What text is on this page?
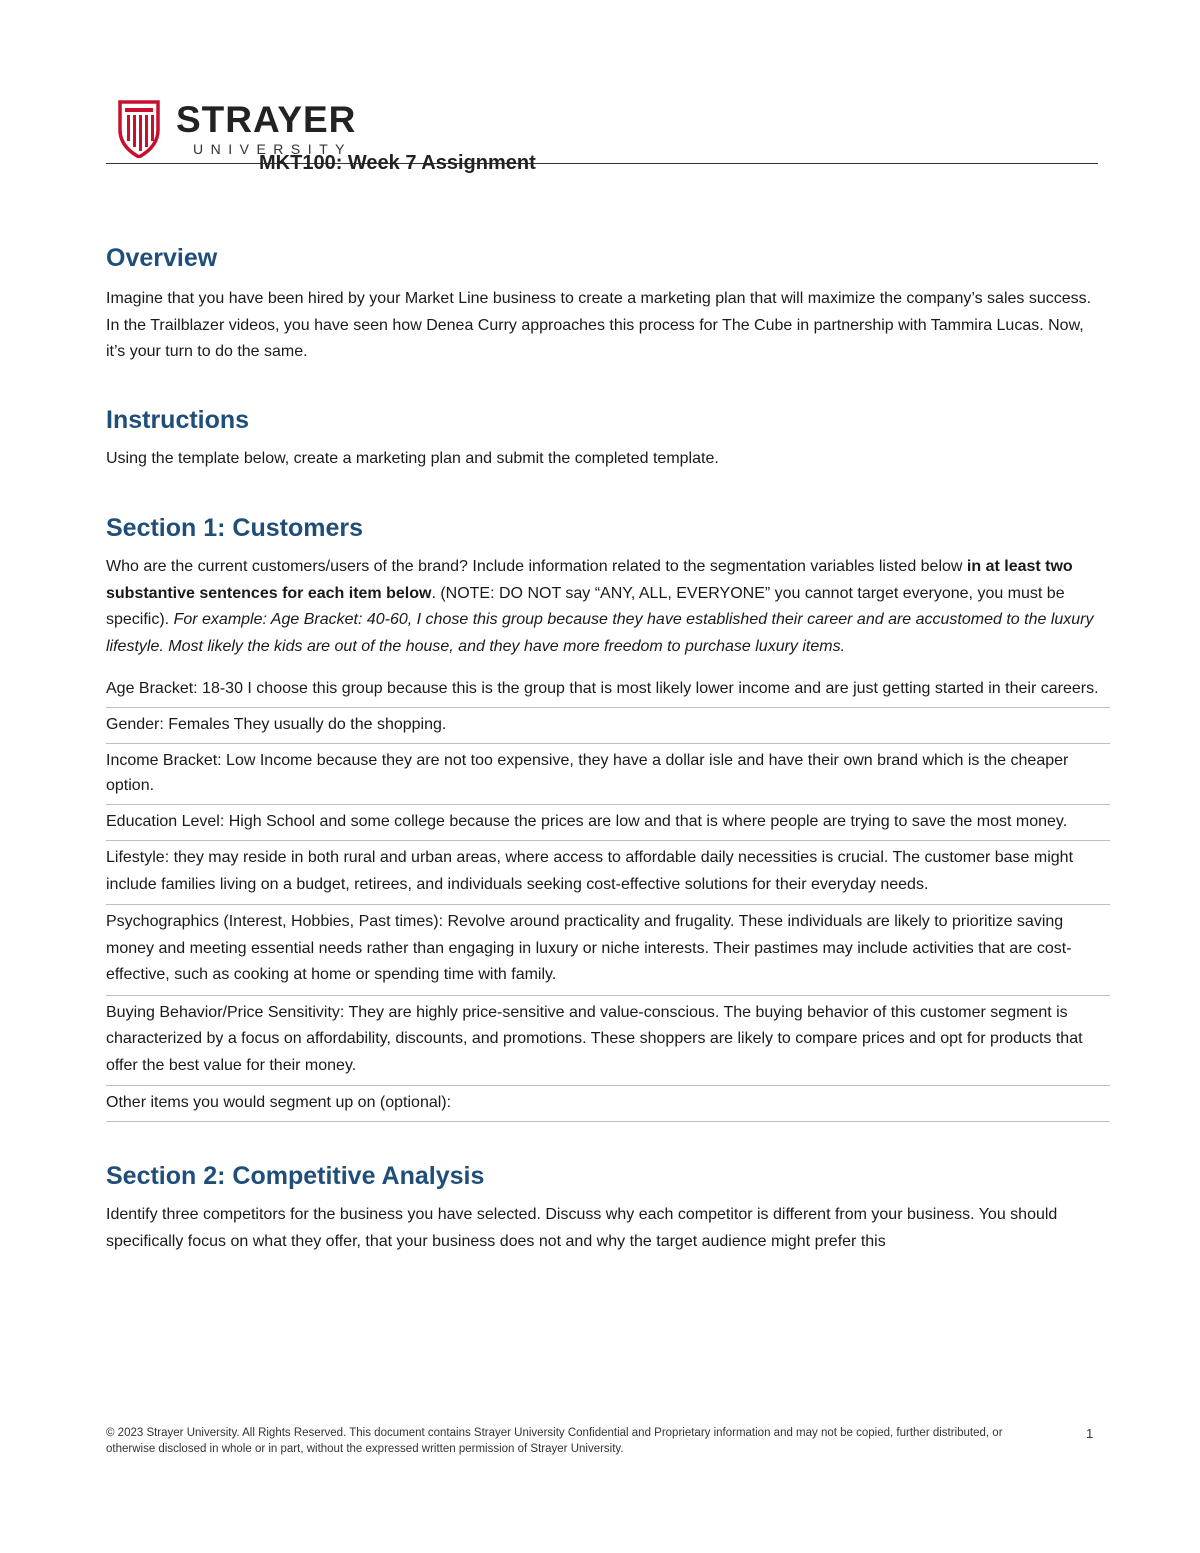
STRAYER
UNIVERSITY
MKT100: Week 7 Assignment
Overview

Imagine that you have been hired by your Market Line business to create a marketing plan that will maximize the company’s sales success. In the Trailblazer videos, you have seen how Denea Curry approaches this process for The Cube in partnership with Tammira Lucas. Now, it’s your turn to do the same.

Instructions

Using the template below, create a marketing plan and submit the completed template.

Section 1: Customers

Who are the current customers/users of the brand? Include information related to the segmentation variables listed below in at least two substantive sentences for each item below. (NOTE: DO NOT say “ANY, ALL, EVERYONE” you cannot target everyone, you must be specific). For example: Age Bracket: 40-60, I chose this group because they have established their career and are accustomed to the luxury lifestyle. Most likely the kids are out of the house, and they have more freedom to purchase luxury items.

Age Bracket: 18-30 I choose this group because this is the group that is most likely lower income and are just getting started in their careers.
Gender: Females They usually do the shopping.
Income Bracket: Low Income because they are not too expensive, they have a dollar isle and have their own brand which is the cheaper option.
Education Level: High School and some college because the prices are low and that is where people are trying to save the most money.
Lifestyle: they may reside in both rural and urban areas, where access to affordable daily necessities is crucial. The customer base might include families living on a budget, retirees, and individuals seeking cost-effective solutions for their everyday needs.
Psychographics (Interest, Hobbies, Past times): Revolve around practicality and frugality. These individuals are likely to prioritize saving money and meeting essential needs rather than engaging in luxury or niche interests. Their pastimes may include activities that are cost-effective, such as cooking at home or spending time with family.
Buying Behavior/Price Sensitivity: They are highly price-sensitive and value-conscious. The buying behavior of this customer segment is characterized by a focus on affordability, discounts, and promotions. These shoppers are likely to compare prices and opt for products that offer the best value for their money.
Other items you would segment up on (optional):
Section 2: Competitive Analysis

Identify three competitors for the business you have selected. Discuss why each competitor is different from your business. You should specifically focus on what they offer, that your business does not and why the target audience might prefer this

© 2023 Strayer University. All Rights Reserved. This document contains Strayer University Confidential and Proprietary information and may not be copied, further distributed, or otherwise disclosed in whole or in part, without the expressed written permission of Strayer University.
1
